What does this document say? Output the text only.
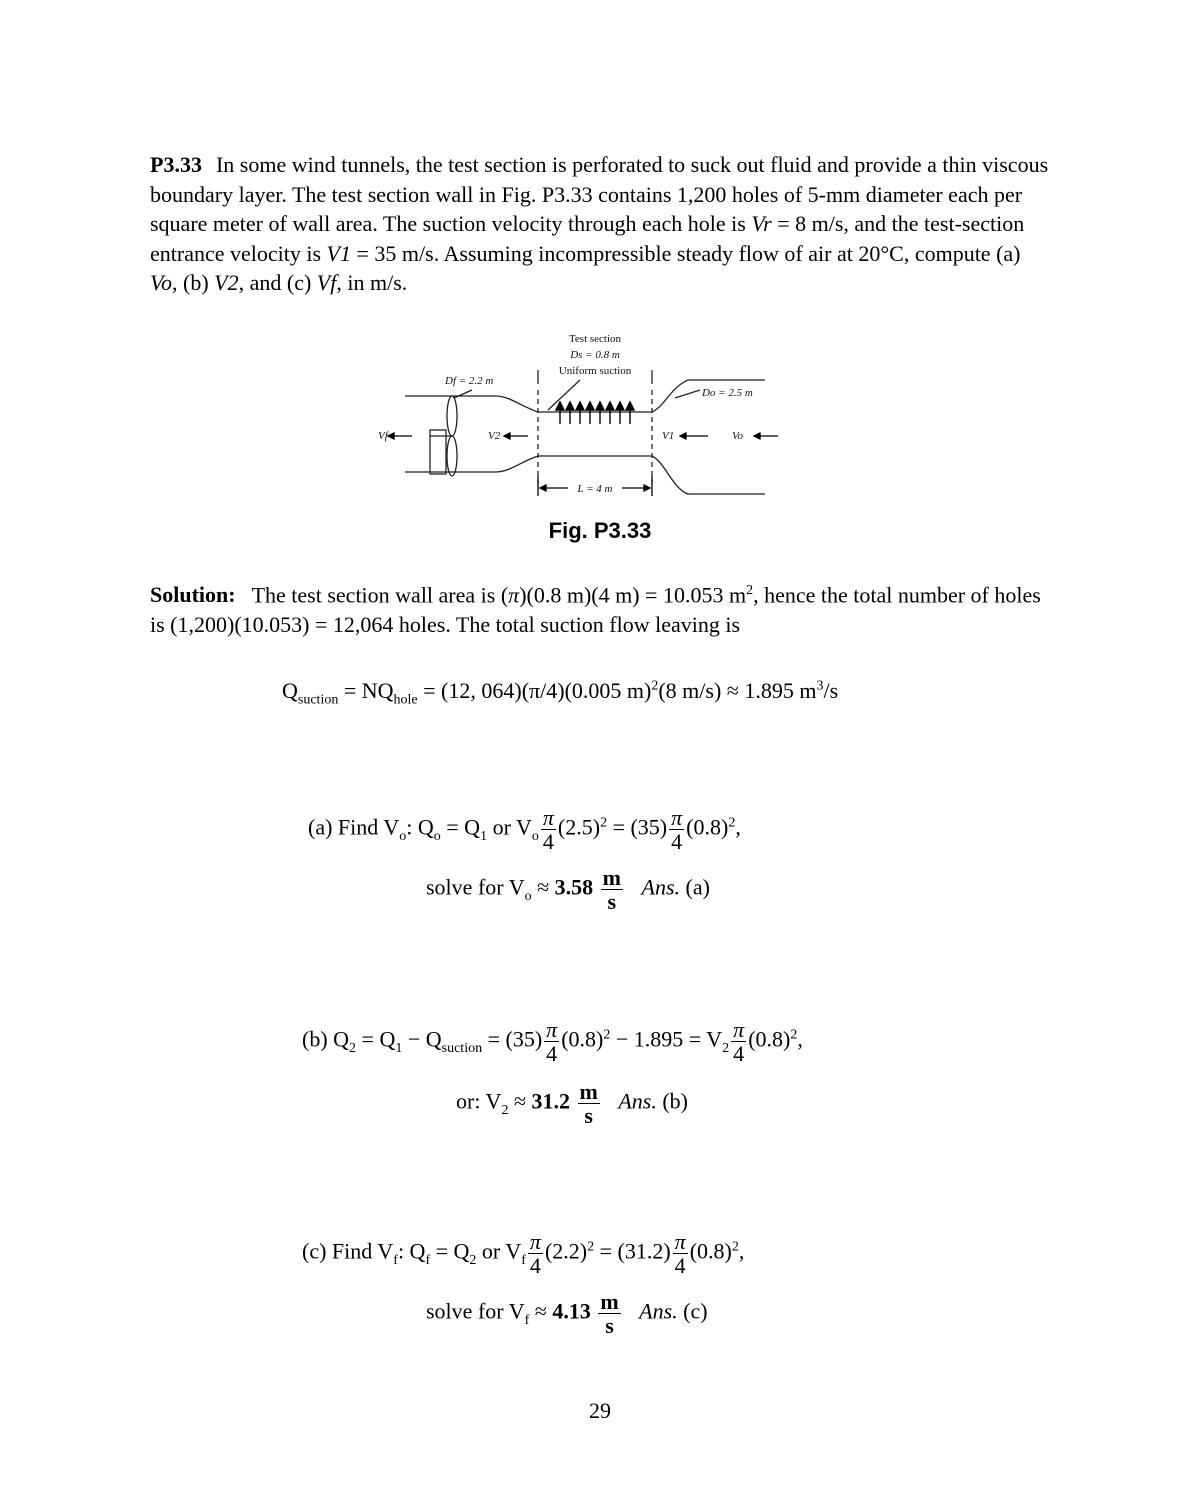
P3.33 In some wind tunnels, the test section is perforated to suck out fluid and provide a thin viscous boundary layer. The test section wall in Fig. P3.33 contains 1,200 holes of 5-mm diameter each per square meter of wall area. The suction velocity through each hole is Vr = 8 m/s, and the test-section entrance velocity is V1 = 35 m/s. Assuming incompressible steady flow of air at 20°C, compute (a) Vo, (b) V2, and (c) Vf, in m/s.
Test section
Ds = 0.8 m
Uniform suction
Df = 2.2 m
Do = 2.5 m
Vf	V2	V1	Vo
L = 4 m
Fig. P3.33
Solution: The test section wall area is (π)(0.8 m)(4 m) = 10.053 $m^2$, hence the total number of holes is (1,200)(10.053) = 12,064 holes. The total suction flow leaving is
$Q_{suction} = NQ_{hole} = (12$, 064)(π/4)(0.005 m)$^2$(8 m/s) ≈ 1.895 $m^3/s$
(a) Find $V_o$: $Q_o = Q_1$ or $V_o \frac{\pi}{4} (2.5)^2 = (35) \frac{\pi}{4} (0.8)^2$,
solve for $V_o \approx 3.58 \frac{m}{s}$ Ans. (a)
(b) $Q_2 = Q_1 - Q_{suction} = (35) \frac{\pi}{4} (0.8)^2 - 1.895 = V_2 \frac{\pi}{4} (0.8)^2$,
or: $V_2 \approx 31.2 \frac{m}{s}$ Ans. (b)
(c) Find $V_f$: $Q_f = Q_2$ or $V_f \frac{\pi}{4} (2.2)^2 = (31.2) \frac{\pi}{4} (0.8)^2$,
solve for $V_f \approx 4.13 \frac{m}{s}$ Ans. (c)
29
